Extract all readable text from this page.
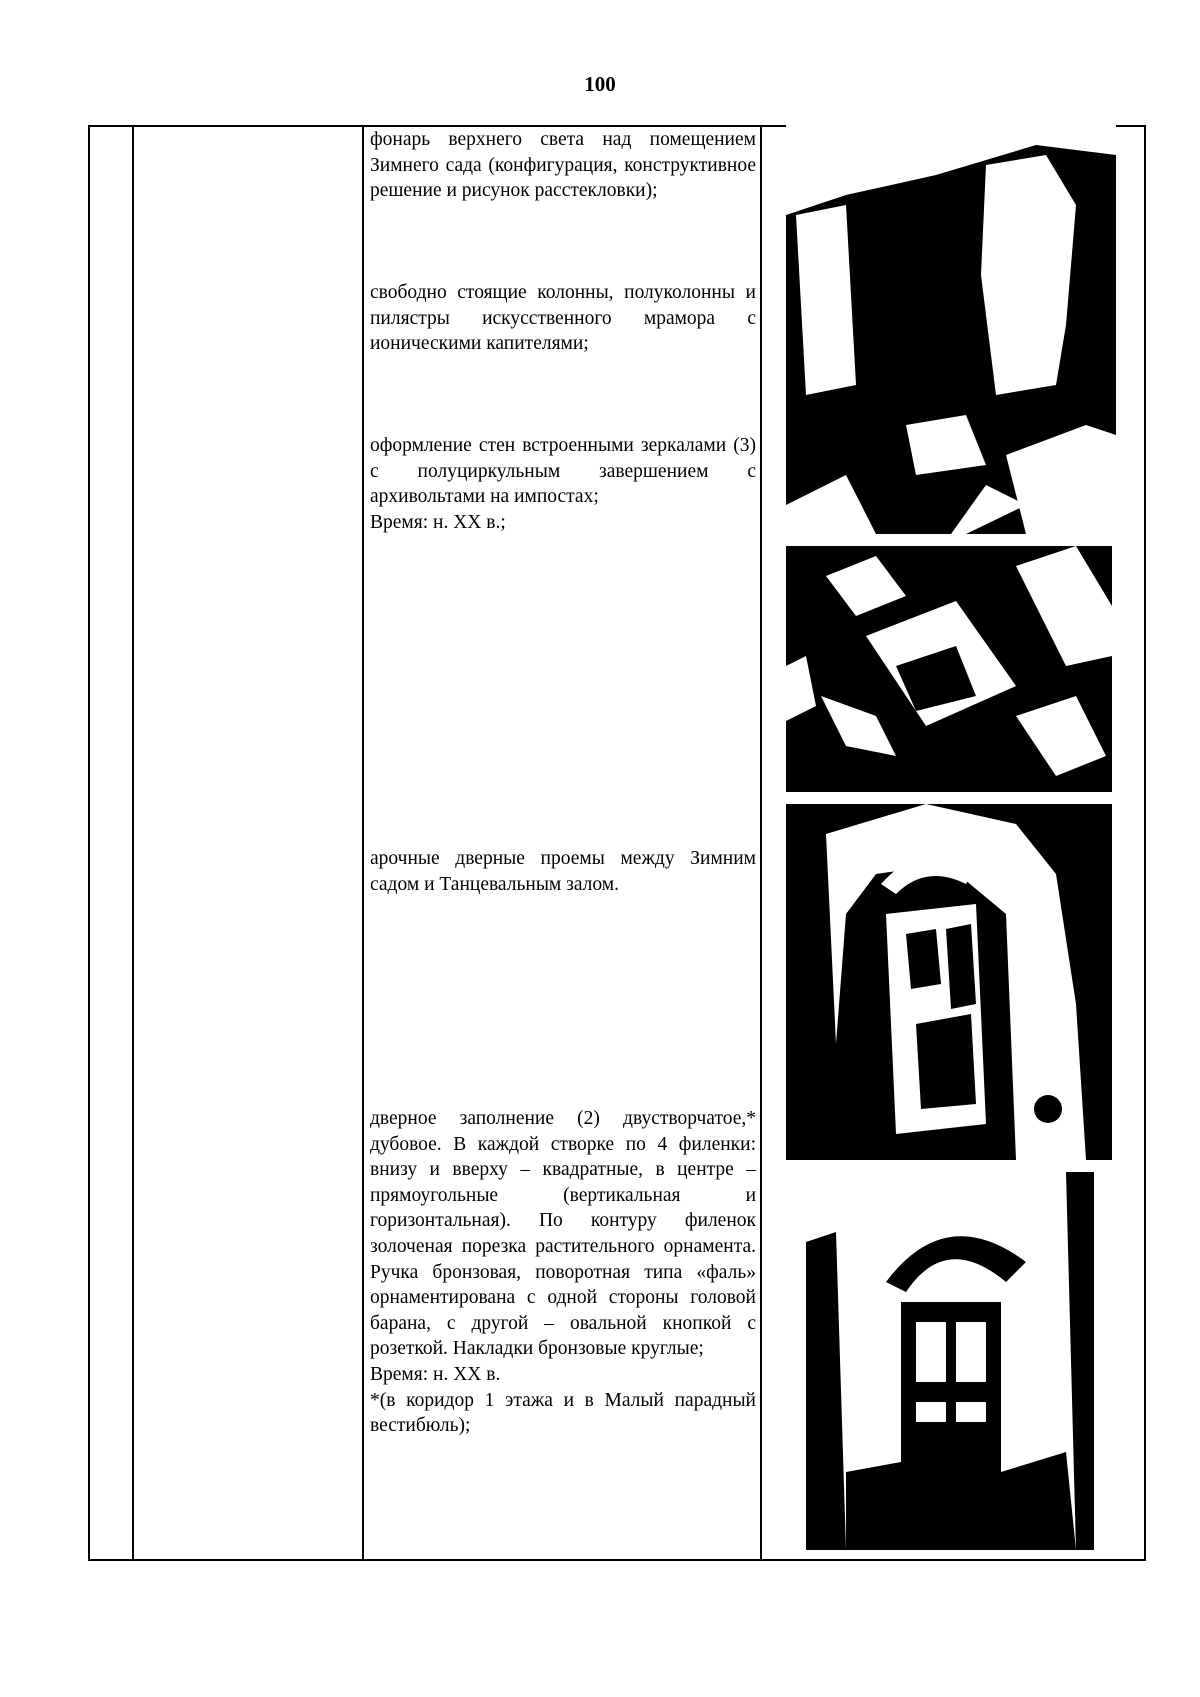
100

фонарь верхнего света над помещением Зимнего сада (конфигурация, конструктивное решение и рисунок расстекловки);

свободно стоящие колонны, полуколонны и пилястры искусственного мрамора с ионическими капителями;

оформление стен встроенными зеркалами (3) с полуциркульным завершением с архивольтами на импостах;

Время: н. XX в.;

арочные дверные проемы между Зимним садом и Танцевальным залом.

дверное заполнение (2) двустворчатое,* дубовое. В каждой створке по 4 филенки: внизу и вверху – квадратные, в центре – прямоугольные (вертикальная и горизонтальная). По контуру филенок золоченая порезка растительного орнамента. Ручка бронзовая, поворотная типа «фаль» орнаментирована с одной стороны головой барана, с другой – овальной кнопкой с розеткой. Накладки бронзовые круглые;

Время: н. XX в.

*(в коридор 1 этажа и в Малый парадный вестибюль);
